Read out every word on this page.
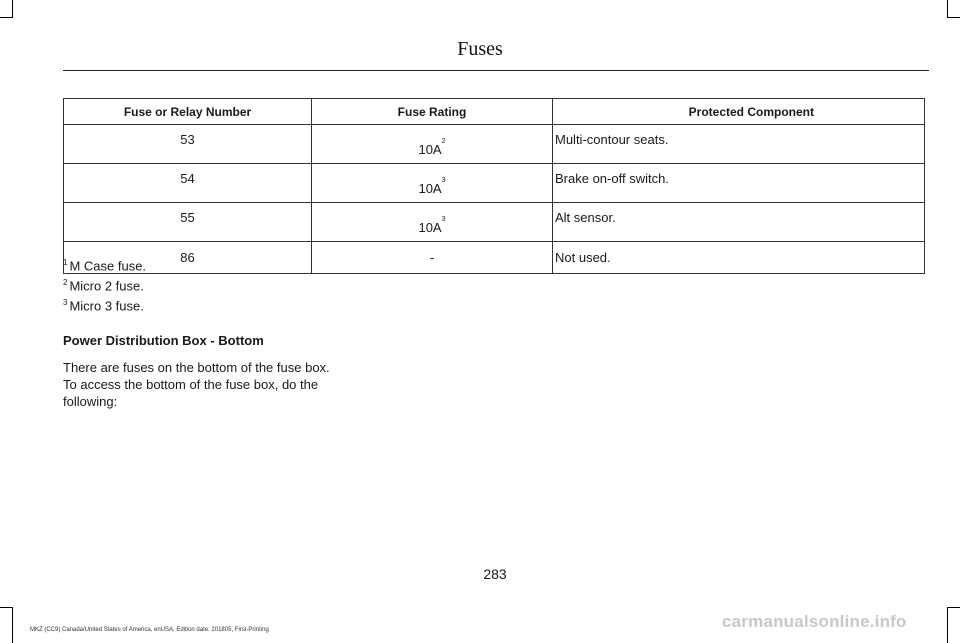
Fuses
Fuse or Relay Number	Fuse Rating	Protected Component
53	$10A^2$	Multi-contour seats.
54	$10A^3$	Brake on-off switch.
55	$10A^3$	Alt sensor.
86	-	Not used.
$^1$ M Case fuse.
$^2$ Micro 2 fuse.
$^3$ Micro 3 fuse.
Power Distribution Box - Bottom
There are fuses on the bottom of the fuse box. To access the bottom of the fuse box, do the following:
283
MKZ (CC9) Canada/United States of America, enUSA, Edition date: 201805, First-Printing	carmanualsonline.info
